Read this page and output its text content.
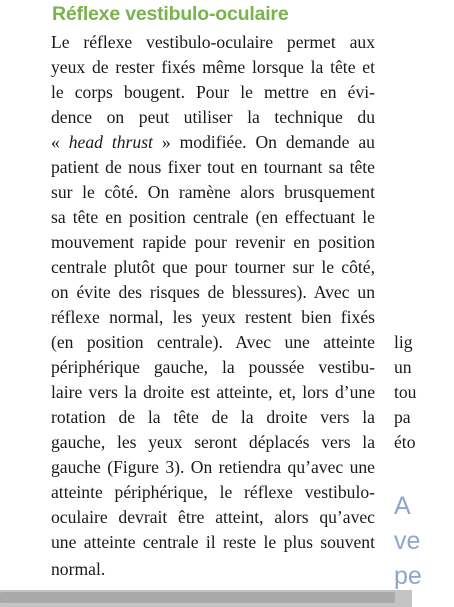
Réflexe vestibulo-oculaire
Le réflexe vestibulo-oculaire permet aux
yeux de rester fixés même lorsque la tête et
le corps bougent. Pour le mettre en évi-
dence on peut utiliser la technique du
« head thrust » modifiée. On demande au
patient de nous fixer tout en tournant sa tête
sur le côté. On ramène alors brusquement
sa tête en position centrale (en effectuant le
mouvement rapide pour revenir en position
centrale plutôt que pour tourner sur le côté,
on évite des risques de blessures). Avec un
réflexe normal, les yeux restent bien fixés
(en position centrale). Avec une atteinte
périphérique gauche, la poussée vestibu-
laire vers la droite est atteinte, et, lors d’une
rotation de la tête de la droite vers la
gauche, les yeux seront déplacés vers la
gauche (Figure 3). On retiendra qu’avec une
atteinte périphérique, le réflexe vestibulo-
oculaire devrait être atteint, alors qu’avec
une atteinte centrale il reste le plus souvent
normal.
lig
un
tou
pa
éto
A
ve
pe
